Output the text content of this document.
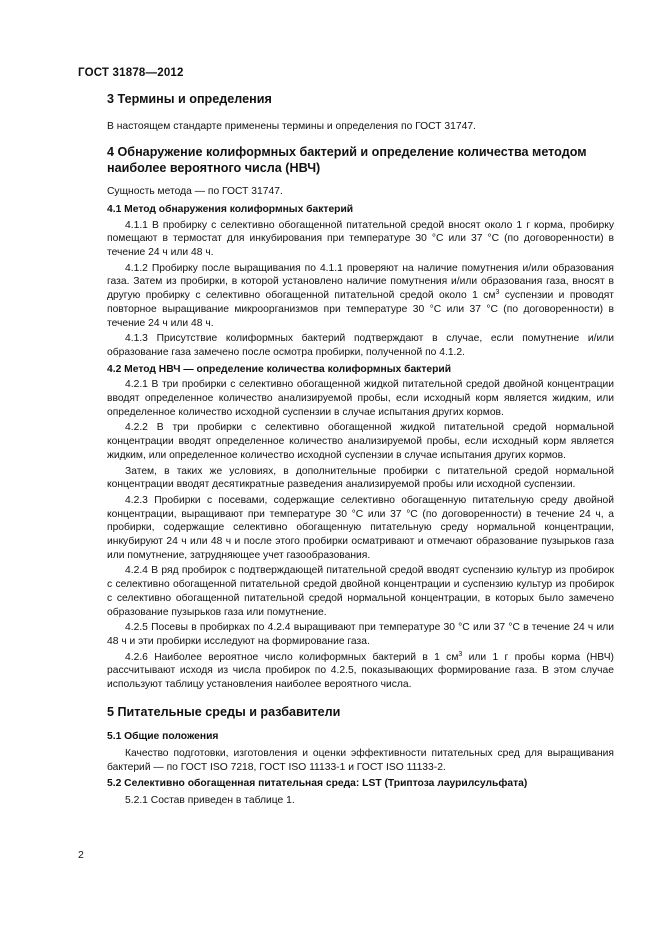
ГОСТ 31878—2012
3 Термины и определения

В настоящем стандарте применены термины и определения по ГОСТ 31747.

4 Обнаружение колиформных бактерий и определение количества методом наиболее вероятного числа (НВЧ)

Сущность метода — по ГОСТ 31747.

4.1 Метод обнаружения колиформных бактерий

4.1.1 В пробирку с селективно обогащенной питательной средой вносят около 1 г корма, пробирку помещают в термостат для инкубирования при температуре 30 °С или 37 °С (по договоренности) в течение 24 ч или 48 ч.

4.1.2 Пробирку после выращивания по 4.1.1 проверяют на наличие помутнения и/или образования газа. Затем из пробирки, в которой установлено наличие помутнения и/или образования газа, вносят в другую пробирку с селективно обогащенной питательной средой около 1 $см^3$ суспензии и проводят повторное выращивание микроорганизмов при температуре 30 °С или 37 °С (по договоренности) в течение 24 ч или 48 ч.

4.1.3 Присутствие колиформных бактерий подтверждают в случае, если помутнение и/или образование газа замечено после осмотра пробирки, полученной по 4.1.2.

4.2 Метод НВЧ — определение количества колиформных бактерий

4.2.1 В три пробирки с селективно обогащенной жидкой питательной средой двойной концентрации вводят определенное количество анализируемой пробы, если исходный корм является жидким, или определенное количество исходной суспензии в случае испытания других кормов.

4.2.2 В три пробирки с селективно обогащенной жидкой питательной средой нормальной концентрации вводят определенное количество анализируемой пробы, если исходный корм является жидким, или определенное количество исходной суспензии в случае испытания других кормов.

Затем, в таких же условиях, в дополнительные пробирки с питательной средой нормальной концентрации вводят десятикратные разведения анализируемой пробы или исходной суспензии.

4.2.3 Пробирки с посевами, содержащие селективно обогащенную питательную среду двойной концентрации, выращивают при температуре 30 °С или 37 °С (по договоренности) в течение 24 ч, а пробирки, содержащие селективно обогащенную питательную среду нормальной концентрации, инкубируют 24 ч или 48 ч и после этого пробирки осматривают и отмечают образование пузырьков газа или помутнение, затрудняющее учет газообразования.

4.2.4 В ряд пробирок с подтверждающей питательной средой вводят суспензию культур из пробирок с селективно обогащенной питательной средой двойной концентрации и суспензию культур из пробирок с селективно обогащенной питательной средой нормальной концентрации, в которых было замечено образование пузырьков газа или помутнение.

4.2.5 Посевы в пробирках по 4.2.4 выращивают при температуре 30 °С или 37 °С в течение 24 ч или 48 ч и эти пробирки исследуют на формирование газа.

4.2.6 Наиболее вероятное число колиформных бактерий в 1 $см^3$ или 1 г пробы корма (НВЧ) рассчитывают исходя из числа пробирок по 4.2.5, показывающих формирование газа. В этом случае используют таблицу установления наиболее вероятного числа.

5 Питательные среды и разбавители
5.1 Общие положения

Качество подготовки, изготовления и оценки эффективности питательных сред для выращивания бактерий — по ГОСТ ISO 7218, ГОСТ ISO 11133-1 и ГОСТ ISO 11133-2.

5.2 Селективно обогащенная питательная среда: LST (Триптоза лаурилсульфата)

5.2.1 Состав приведен в таблице 1.

2
